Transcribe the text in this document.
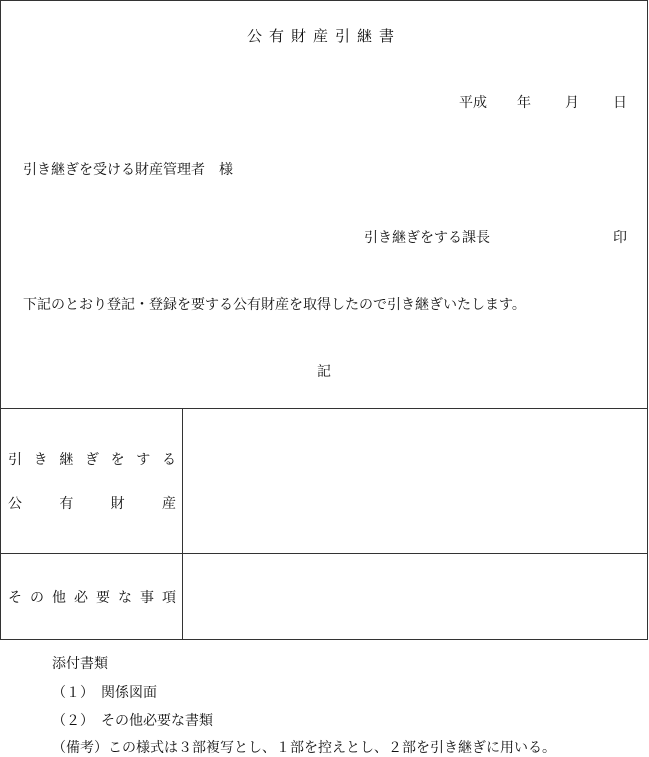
公有財産引継書
平成 年 月 日
引き継ぎを受ける財産管理者　様
引き継ぎをする課長	印
下記のとおり登記・登録を要する公有財産を取得したので引き継ぎいたします。
記
引 き 継 ぎ を す る
公	有	財	産
そ の 他 必 要 な 事 項
添付書類
（１）　関係図面
（２）　その他必要な書類
（備考）この様式は３部複写とし、１部を控えとし、２部を引き継ぎに用いる。
